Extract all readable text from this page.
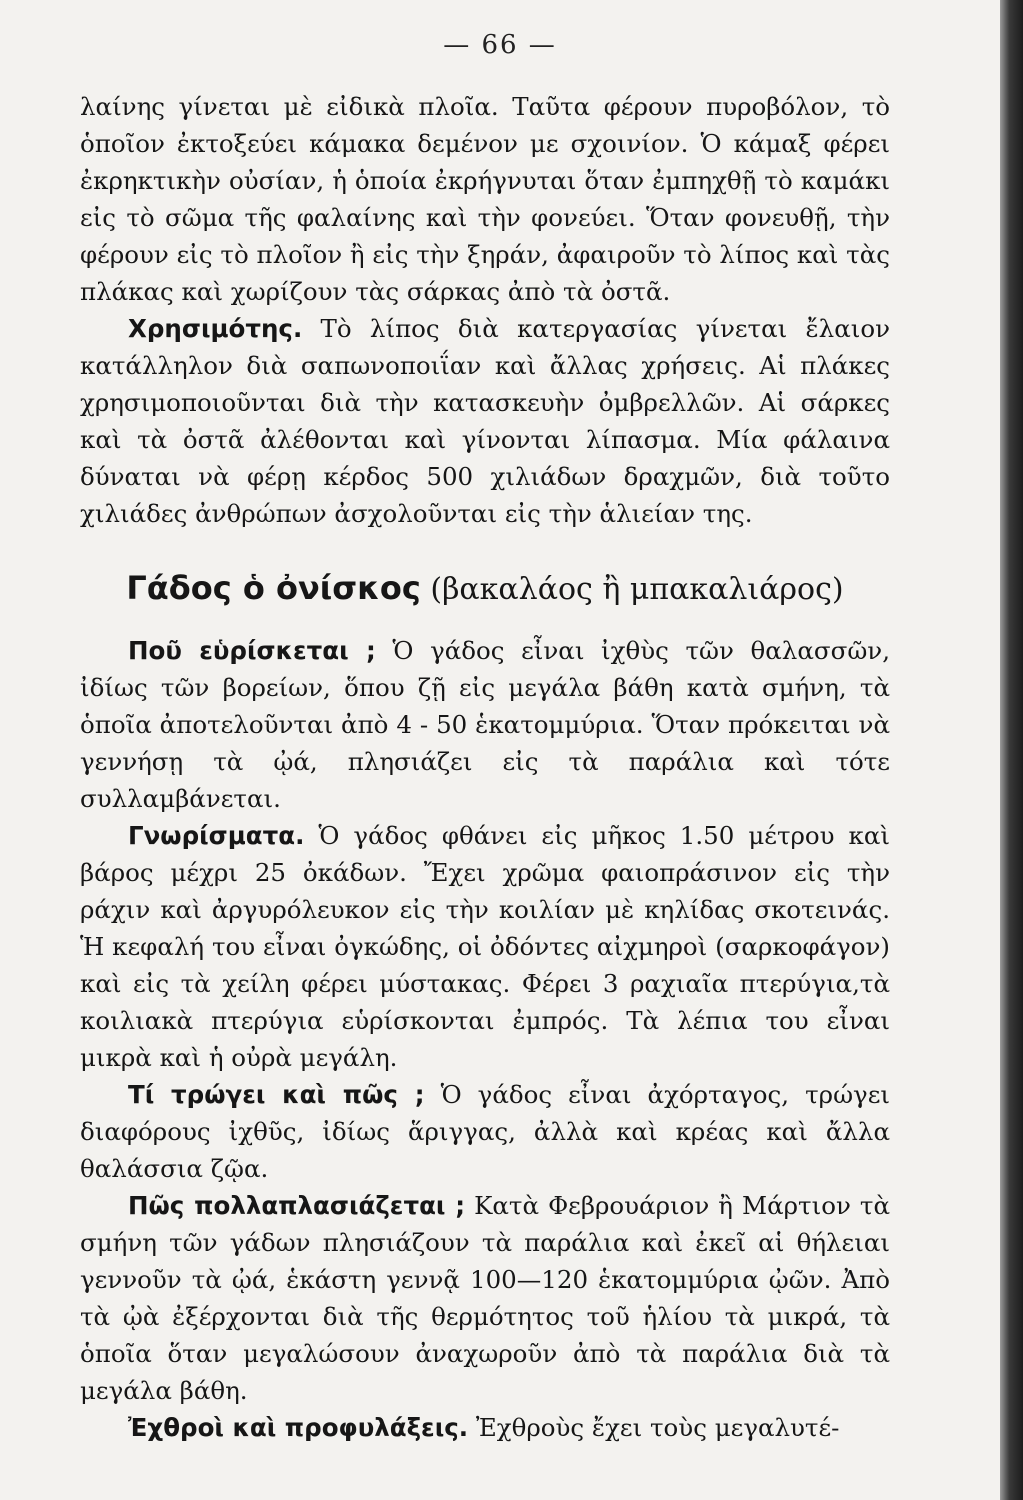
— 66 —

λαίνης γίνεται μὲ εἰδικὰ πλοῖα. Ταῦτα φέρουν πυροβόλον, τὸ ὁποῖον ἐκτοξεύει κάμακα δεμένον με σχοινίον. Ὁ κάμαξ φέρει ἐκρηκτικὴν οὐσίαν, ἡ ὁποία ἐκρήγνυται ὅταν ἐμπηχθῇ τὸ καμάκι εἰς τὸ σῶμα τῆς φαλαίνης καὶ τὴν φονεύει. Ὅταν φονευθῇ, τὴν φέρουν εἰς τὸ πλοῖον ἢ εἰς τὴν ξηράν, ἀφαιροῦν τὸ λίπος καὶ τὰς πλάκας καὶ χωρίζουν τὰς σάρκας ἀπὸ τὰ ὀστᾶ.

Χρησιμότης. Τὸ λίπος διὰ κατεργασίας γίνεται ἔλαιον κατάλληλον διὰ σαπωνοποιΐαν καὶ ἄλλας χρήσεις. Αἱ πλάκες χρησιμοποιοῦνται διὰ τὴν κατασκευὴν ὀμβρελλῶν. Αἱ σάρκες καὶ τὰ ὀστᾶ ἀλέθονται καὶ γίνονται λίπασμα. Μία φάλαινα δύναται νὰ φέρῃ κέρδος 500 χιλιάδων δραχμῶν, διὰ τοῦτο χιλιάδες ἀνθρώπων ἀσχολοῦνται εἰς τὴν ἁλιείαν της.

Γάδος ὁ ὀνίσκος (βακαλάος ἢ μπακαλιάρος)

Ποῦ εὑρίσκεται ; Ὁ γάδος εἶναι ἰχθὺς τῶν θαλασσῶν, ἰδίως τῶν βορείων, ὅπου ζῇ εἰς μεγάλα βάθη κατὰ σμήνη, τὰ ὁποῖα ἀποτελοῦνται ἀπὸ 4 - 50 ἑκατομμύρια. Ὅταν πρόκειται νὰ γεννήσῃ τὰ ᾠά, πλησιάζει εἰς τὰ παράλια καὶ τότε συλλαμβάνεται.

Γνωρίσματα. Ὁ γάδος φθάνει εἰς μῆκος 1.50 μέτρου καὶ βάρος μέχρι 25 ὀκάδων. Ἔχει χρῶμα φαιοπράσινον εἰς τὴν ράχιν καὶ ἀργυρόλευκον εἰς τὴν κοιλίαν μὲ κηλίδας σκοτεινάς. Ἡ κεφαλή του εἶναι ὀγκώδης, οἱ ὀδόντες αἰχμηροὶ (σαρκοφάγον) καὶ εἰς τὰ χείλη φέρει μύστακας. Φέρει 3 ραχιαῖα πτερύγια,τὰ κοιλιακὰ πτερύγια εὑρίσκονται ἐμπρός. Τὰ λέπια του εἶναι μικρὰ καὶ ἡ οὐρὰ μεγάλη.

Τί τρώγει καὶ πῶς ; Ὁ γάδος εἶναι ἀχόρταγος, τρώγει διαφόρους ἰχθῦς, ἰδίως ἅριγγας, ἀλλὰ καὶ κρέας καὶ ἄλλα θαλάσσια ζῷα.

Πῶς πολλαπλασιάζεται ; Κατὰ Φεβρουάριον ἢ Μάρτιον τὰ σμήνη τῶν γάδων πλησιάζουν τὰ παράλια καὶ ἐκεῖ αἱ θήλειαι γεννοῦν τὰ ᾠά, ἑκάστη γεννᾷ 100—120 ἑκατομμύρια ᾠῶν. Ἀπὸ τὰ ᾠὰ ἐξέρχονται διὰ τῆς θερμότητος τοῦ ἡλίου τὰ μικρά, τὰ ὁποῖα ὅταν μεγαλώσουν ἀναχωροῦν ἀπὸ τὰ παράλια διὰ τὰ μεγάλα βάθη.

Ἐχθροὶ καὶ προφυλάξεις. Ἐχθροὺς ἔχει τοὺς μεγαλυτέ-
